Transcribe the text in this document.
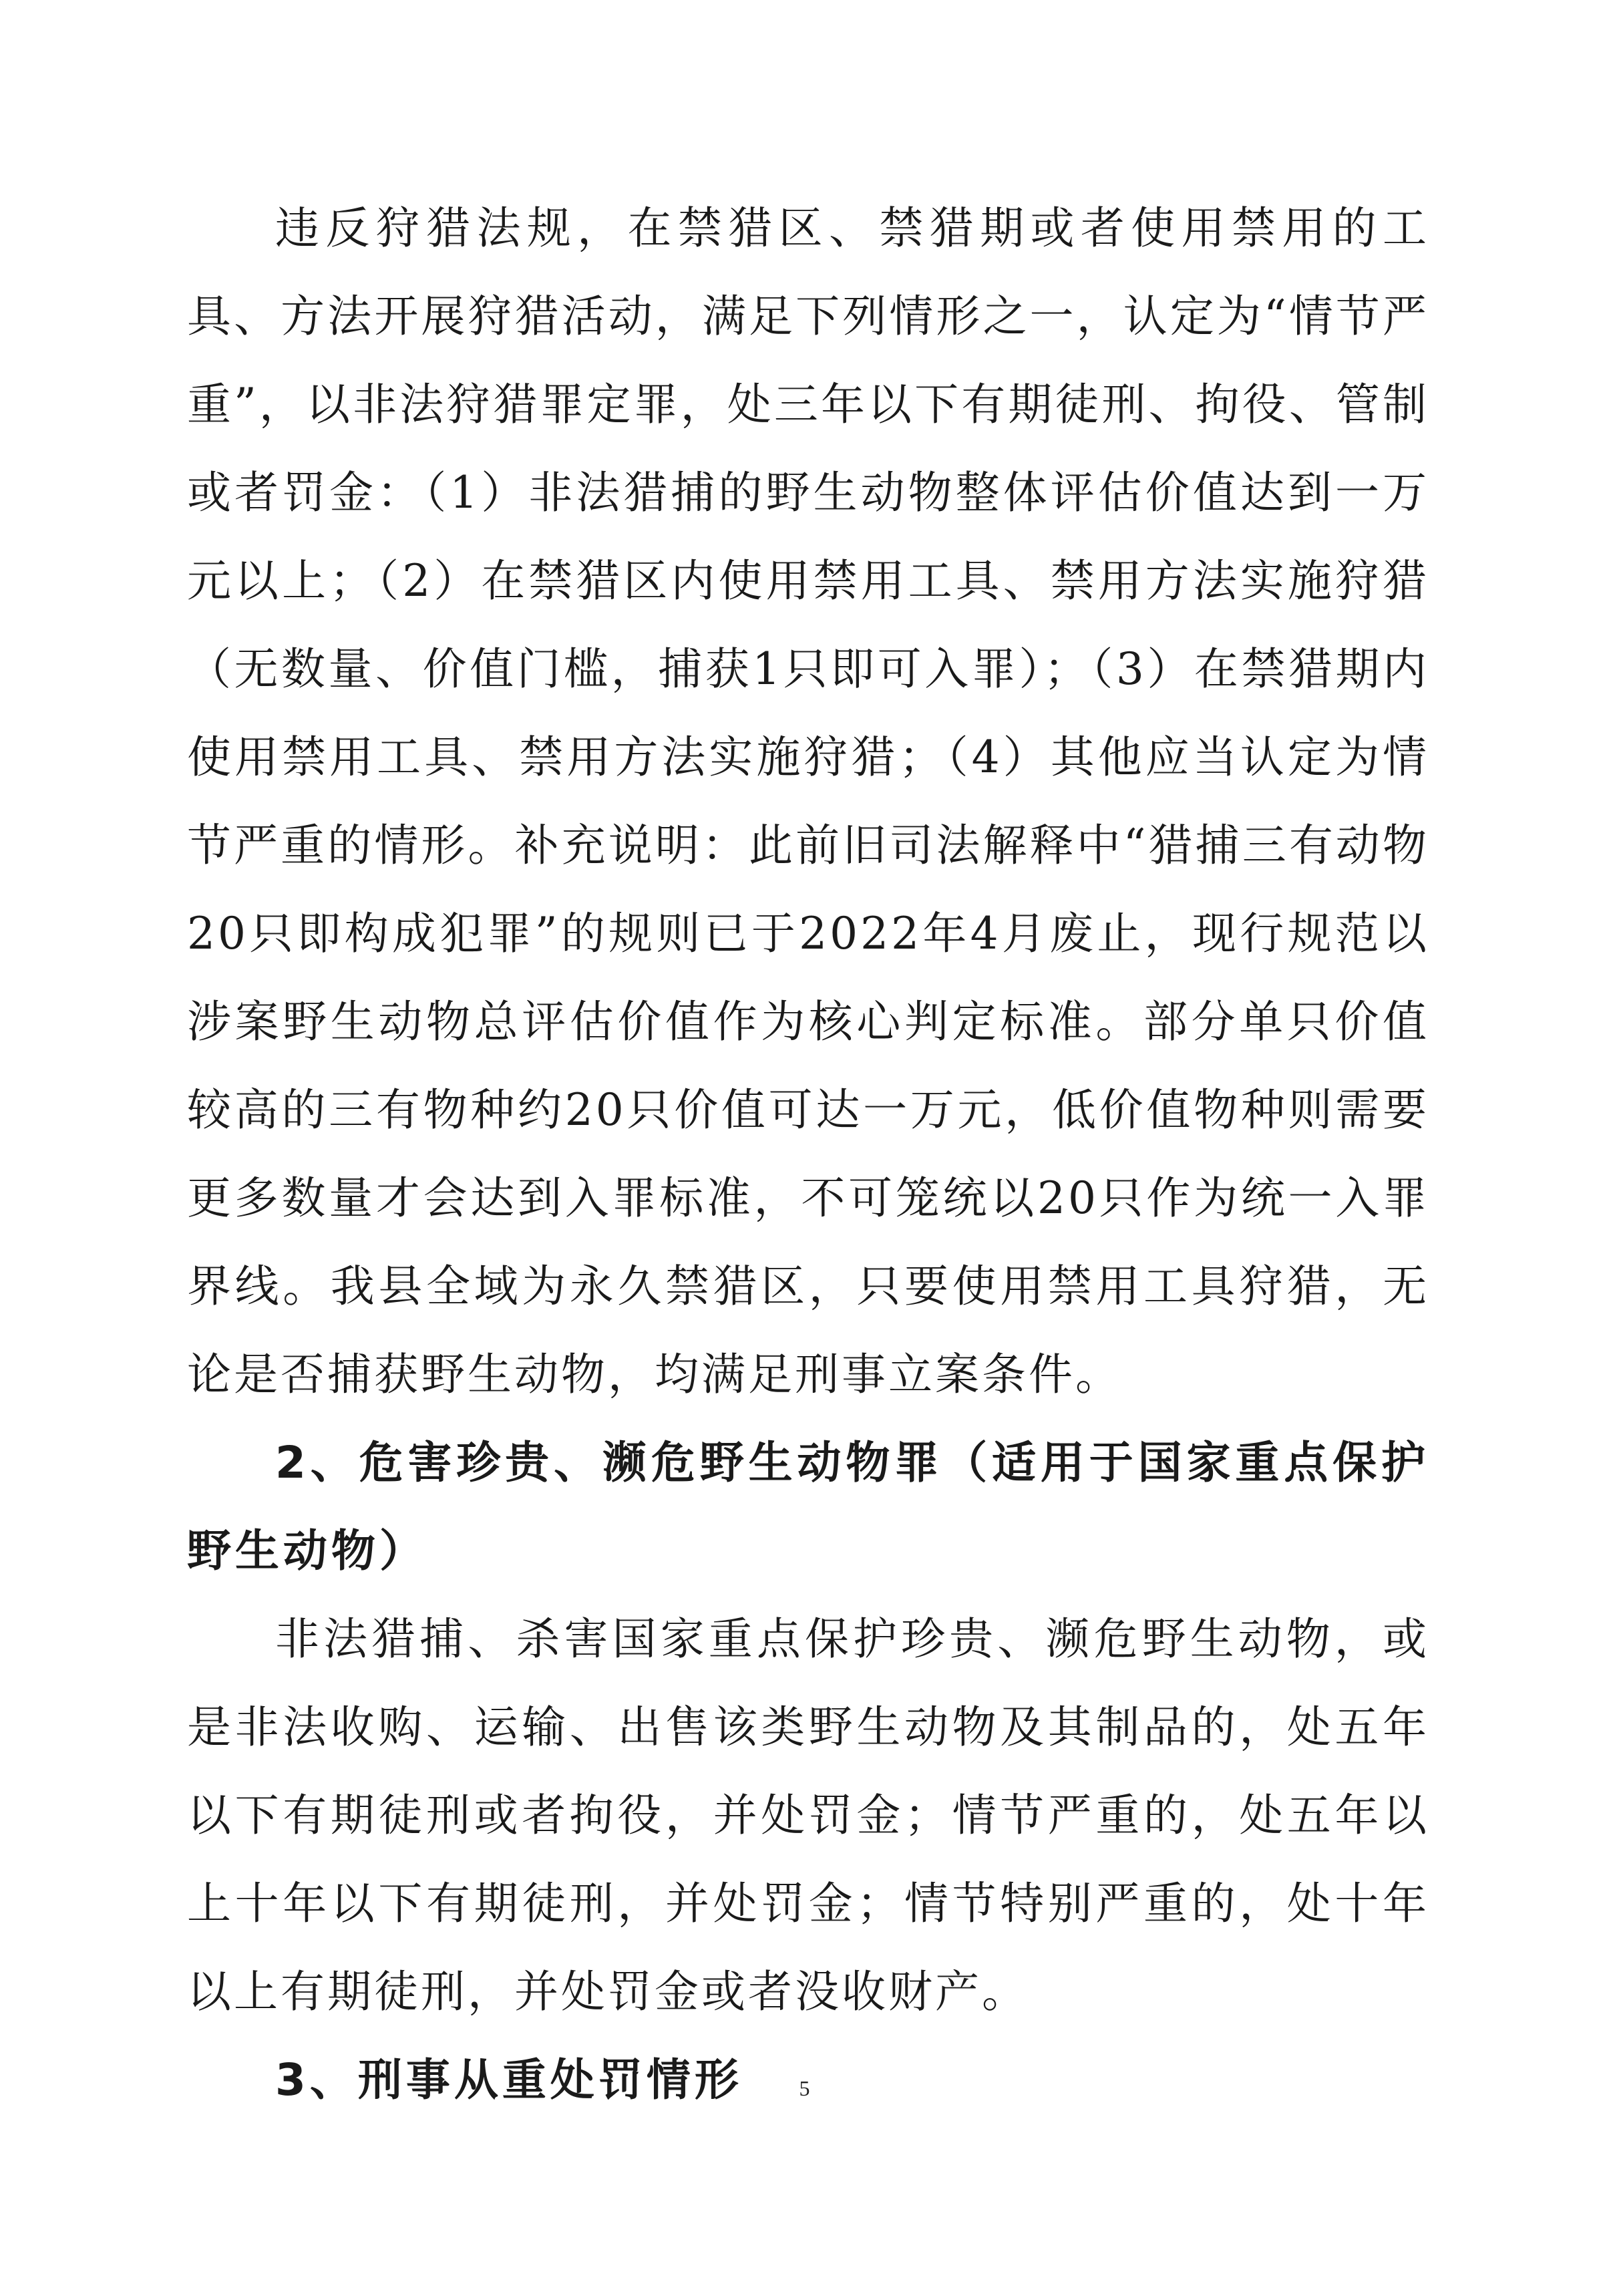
违反狩猎法规，在禁猎区、禁猎期或者使用禁用的工具、方法开展狩猎活动，满足下列情形之一，认定为“情节严重”，以非法狩猎罪定罪，处三年以下有期徒刑、拘役、管制或者罚金：（1）非法猎捕的野生动物整体评估价值达到一万元以上；（2）在禁猎区内使用禁用工具、禁用方法实施狩猎（无数量、价值门槛，捕获1只即可入罪）；（3）在禁猎期内使用禁用工具、禁用方法实施狩猎；（4）其他应当认定为情节严重的情形。补充说明：此前旧司法解释中“猎捕三有动物20只即构成犯罪”的规则已于2022年4月废止，现行规范以涉案野生动物总评估价值作为核心判定标准。部分单只价值较高的三有物种约20只价值可达一万元，低价值物种则需要更多数量才会达到入罪标准，不可笼统以20只作为统一入罪界线。我县全域为永久禁猎区，只要使用禁用工具狩猎，无论是否捕获野生动物，均满足刑事立案条件。

2、危害珍贵、濒危野生动物罪（适用于国家重点保护野生动物）

非法猎捕、杀害国家重点保护珍贵、濒危野生动物，或是非法收购、运输、出售该类野生动物及其制品的，处五年以下有期徒刑或者拘役，并处罚金；情节严重的，处五年以上十年以下有期徒刑，并处罚金；情节特别严重的，处十年以上有期徒刑，并处罚金或者没收财产。

3、刑事从重处罚情形	5
